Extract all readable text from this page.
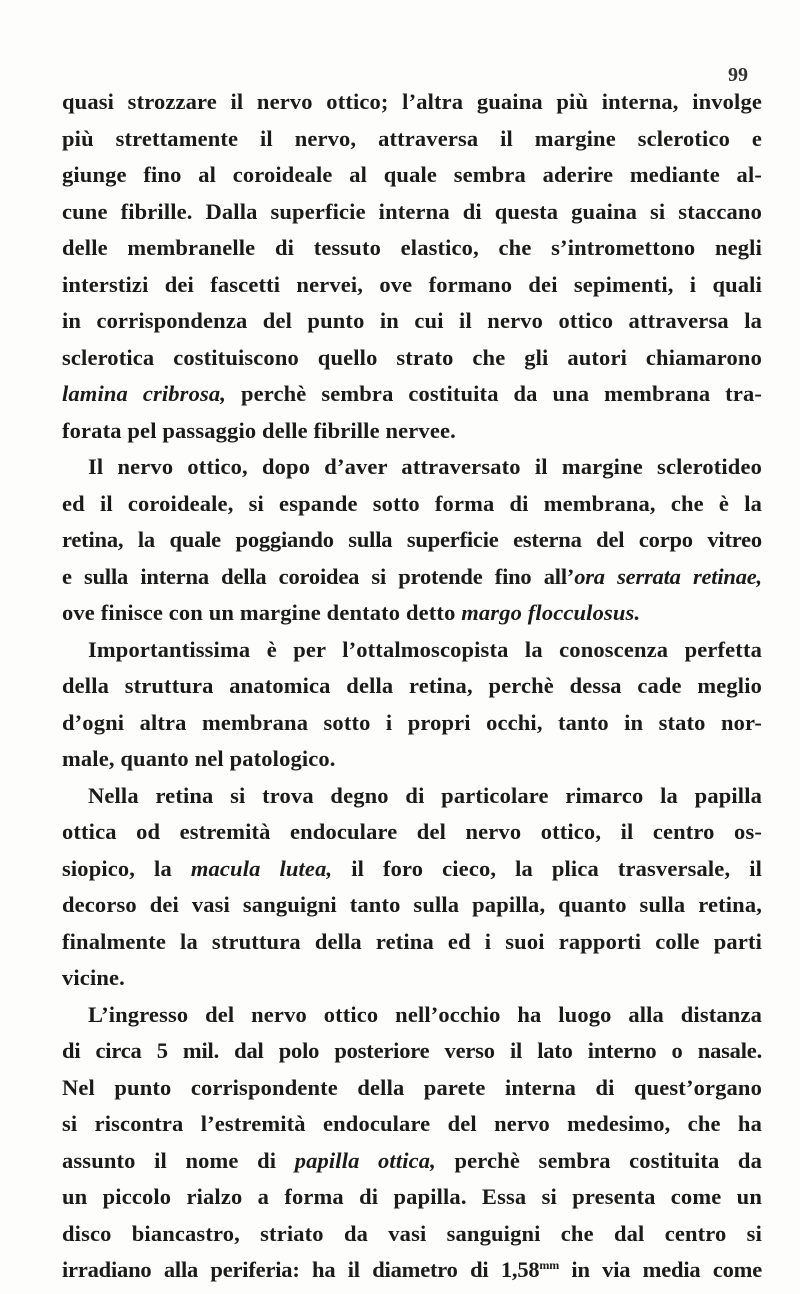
99
quasi strozzare il nervo ottico; l’altra guaina più interna, involge
più strettamente il nervo, attraversa il margine sclerotico e
giunge fino al coroideale al quale sembra aderire mediante al-
cune fibrille. Dalla superficie interna di questa guaina si staccano
delle membranelle di tessuto elastico, che s’intromettono negli
interstizi dei fascetti nervei, ove formano dei sepimenti, i quali
in corrispondenza del punto in cui il nervo ottico attraversa la
sclerotica costituiscono quello strato che gli autori chiamarono
lamina cribrosa, perchè sembra costituita da una membrana tra-
forata pel passaggio delle fibrille nervee.
Il nervo ottico, dopo d’aver attraversato il margine sclerotideo
ed il coroideale, si espande sotto forma di membrana, che è la
retina, la quale poggiando sulla superficie esterna del corpo vitreo
e sulla interna della coroidea si protende fino all’ora serrata retinae,
ove finisce con un margine dentato detto margo flocculosus.
Importantissima è per l’ottalmoscopista la conoscenza perfetta
della struttura anatomica della retina, perchè dessa cade meglio
d’ogni altra membrana sotto i propri occhi, tanto in stato nor-
male, quanto nel patologico.
Nella retina si trova degno di particolare rimarco la papilla
ottica od estremità endoculare del nervo ottico, il centro os-
siopico, la macula lutea, il foro cieco, la plica trasversale, il
decorso dei vasi sanguigni tanto sulla papilla, quanto sulla retina,
finalmente la struttura della retina ed i suoi rapporti colle parti
vicine.
L’ingresso del nervo ottico nell’occhio ha luogo alla distanza
di circa 5 mil. dal polo posteriore verso il lato interno o nasale.
Nel punto corrispondente della parete interna di quest’organo
si riscontra l’estremità endoculare del nervo medesimo, che ha
assunto il nome di papilla ottica, perchè sembra costituita da
un piccolo rialzo a forma di papilla. Essa si presenta come un
disco biancastro, striato da vasi sanguigni che dal centro si
irradiano alla periferia: ha il diametro di $1,58^{mm}$ in via media come
